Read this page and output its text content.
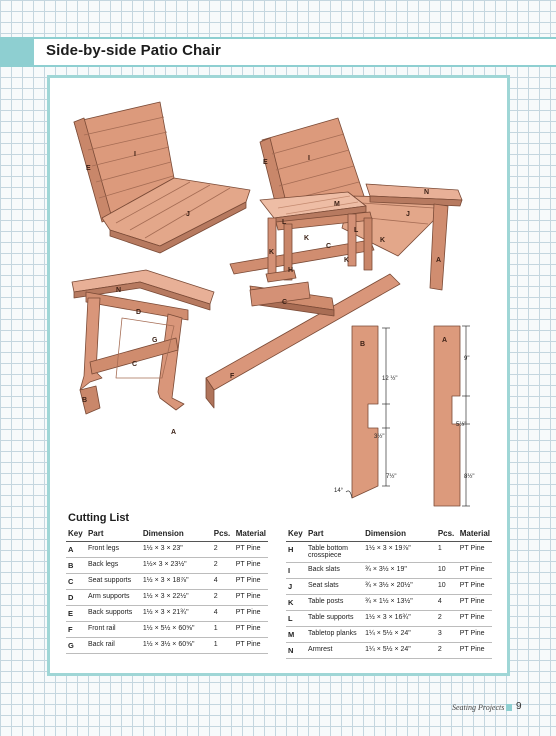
Side-by-side Patio Chair
I
E
J
E
I
M
N
J
L
L
K	K
K
K
C
A
H
C
N
D
G
C
B
A
F
B
A
12 ½"
3½"
7½"
14°
9"
5½"
8½"
Cutting List
Key	Part	Dimension	Pcs.	Material
A	Front legs	1½ × 3 × 23"	2	PT Pine
B	Back legs	1½× 3 × 23½"	2	PT Pine
C	Seat supports	1½ × 3 × 18⅞"	4	PT Pine
D	Arm supports	1½ × 3 × 22½"	2	PT Pine
E	Back supports	1½ × 3 × 21¾"	4	PT Pine
F	Front rail	1½ × 5½ × 60⅝"	1	PT Pine
G	Back rail	1½ × 3½ × 60⅝"	1	PT Pine
Key	Part	Dimension	Pcs.	Material
H	Table bottom
crosspiece	1½ × 3 × 19⅞"	1	PT Pine
I	Back slats	¾ × 3½ × 19"	10	PT Pine
J	Seat slats	¾ × 3½ × 20½"	10	PT Pine
K	Table posts	¾ × 1½ × 13½"	4	PT Pine
L	Table supports	1½ × 3 × 16¾"	2	PT Pine
M	Tabletop planks	1¼ × 5½ × 24"	3	PT Pine
N	Armrest	1¼ × 5½ × 24"	2	PT Pine
Seating Projects 9
